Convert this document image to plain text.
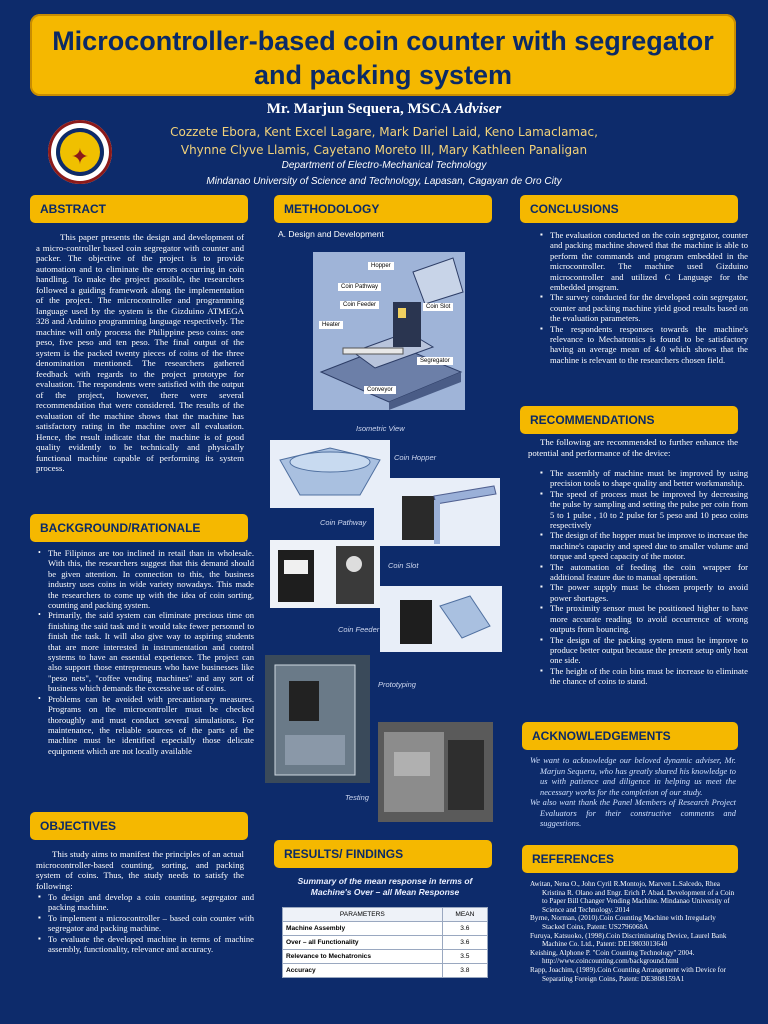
Microcontroller-based coin counter with segregator and packing system
✦
Mr. Marjun Sequera, MSCA Adviser
Cozzete Ebora, Kent Excel Lagare, Mark Dariel Laid, Keno Lamaclamac,
Vhynne Clyve Llamis, Cayetano Moreto III, Mary Kathleen Panaligan
Department of Electro-Mechanical Technology
Mindanao University of Science and Technology, Lapasan, Cagayan de Oro City
ABSTRACT
This paper presents the design and development of a micro-controller based coin segregator with counter and packer. The objective of the project is to provide automation and to eliminate the errors occurring in coin handling. To make the project possible, the researchers followed a guiding framework along the implementation of the project. The microcontroller and programming language used by the system is the Gizduino ATMEGA 328 and Arduino programming language respectively. The machine will only process the Philippine peso coins: one peso, five peso and ten peso. The final output of the system is the packed twenty pieces of coins of the three denomination mentioned. The researchers gathered feedback with regards to the project prototype for evaluation. The respondents were satisfied with the output of the project, however, there were several recommendation that were considered. The results of the evaluation of the machine shows that the machine has satisfactory rating in the machine over all evaluation. Hence, the result indicate that the machine is of good quality evidently to be technically and physically functional machine capable of performing its system process.
BACKGROUND/RATIONALE
• The Filipinos are too inclined in retail than in wholesale. With this, the researchers suggest that this demand should be given attention. In connection to this, the business industry uses coins in wide variety nowadays. This made the researchers to come up with the idea of coin sorting, counting and packing system.
• Primarily, the said system can eliminate precious time on finishing the said task and it would take fewer personnel to finish the task. It will also give way to aspiring students that are more interested in instrumentation and control systems to have an essential experience. The project can also support those entrepreneurs who have businesses like "peso nets", "coffee vending machines" and any sort of business which demands the excessive use of coins.
• Problems can be avoided with precautionary measures. Programs on the microcontroller must be checked thoroughly and must conduct several simulations. For maintenance, the reliable sources of the parts of the machine must be identified especially those delicate equipment which are not locally available
OBJECTIVES
This study aims to manifest the principles of an actual microcontroller-based counting, sorting, and packing system of coins. Thus, the study needs to satisfy the following:
▪ To design and develop a coin counting, segregator and packing machine.
▪ To implement a microcontroller – based coin counter with segregator and packing machine.
▪ To evaluate the developed machine in terms of machine assembly, functionality, relevance and accuracy.
METHODOLOGY
A. Design and Development
Hopper
Coin Pathway
Coin Feeder	Coin Slot
Heater
Segregator
Conveyor
Isometric View
Coin Hopper
Coin Pathway
Coin Slot
Coin Feeder
Prototyping
Testing
RESULTS/ FINDINGS
Summary of the mean response in terms of Machine's Over – all Mean Response
PARAMETERS	MEAN
Machine Assembly	3.6
Over – all Functionality	3.6
Relevance to Mechatronics	3.5
Accuracy	3.8
CONCLUSIONS
▪ The evaluation conducted on the coin segregator, counter and packing machine showed that the machine is able to perform the commands and program embedded in the microcontroller. The machine used Gizduino microcontroller and utilized C Language for the embedded program.
▪ The survey conducted for the developed coin segregator, counter and packing machine yield good results based on the evaluation parameters.
▪ The respondents responses towards the machine's relevance to Mechatronics is found to be satisfactory having an average mean of 4.0 which shows that the machine is relevant to the researchers chosen field.
RECOMMENDATIONS
The following are recommended to further enhance the potential and performance of the device:
▪ The assembly of machine must be improved by using precision tools to shape quality and better workmanship.
▪ The speed of process must be improved by decreasing the pulse by sampling and setting the pulse per coin from 5 to 1 pulse , 10 to 2 pulse for 5 peso and 10 peso coins respectively
▪ The design of the hopper must be improve to increase the machine's capacity and speed due to smaller volume and torque and speed capacity of the motor.
▪ The automation of feeding the coin wrapper for additional feature due to manual operation.
▪ The power supply must be chosen properly to avoid power shortages.
▪ The proximity sensor must be positioned higher to have more accurate reading to avoid occurrence of wrong outputs from bouncing.
▪ The design of the packing system must be improve to produce better output because the present setup only heat one side.
▪ The height of the coin bins must be increase to eliminate the chance of coins to stand.
ACKNOWLEDGEMENTS
We want to acknowledge our beloved dynamic adviser, Mr. Marjun Sequera, who has greatly shared his knowledge to us with patience and diligence in helping us meet the necessary works for the completion of our study.
We also want thank the Panel Members of Research Project Evaluators for their constructive comments and suggestions.
REFERENCES
Awitan, Nena O., John Cyril R.Montojo, Marven L.Salcedo, Rhea Kristina R. Olano and Engr. Erich P. Abad. Development of a Coin to Paper Bill Changer Vending Machine. Mindanao University of Science and Technology. 2014
Byrne, Norman, (2010).Coin Counting Machine with Irregularly Stacked Coins, Patent: US2796068A
Furuya, Katsuoko, (1998).Coin Discriminating Device, Laurel Bank Machine Co. Ltd., Patent: DE19803013640
Keishing, Alphone P. "Coin Counting Technology" 2004. http://www.coincounting.com/background.html
Rapp, Joachim, (1989).Coin Counting Arrangement with Device for Separating Foreign Coins, Patent: DE3808159A1
